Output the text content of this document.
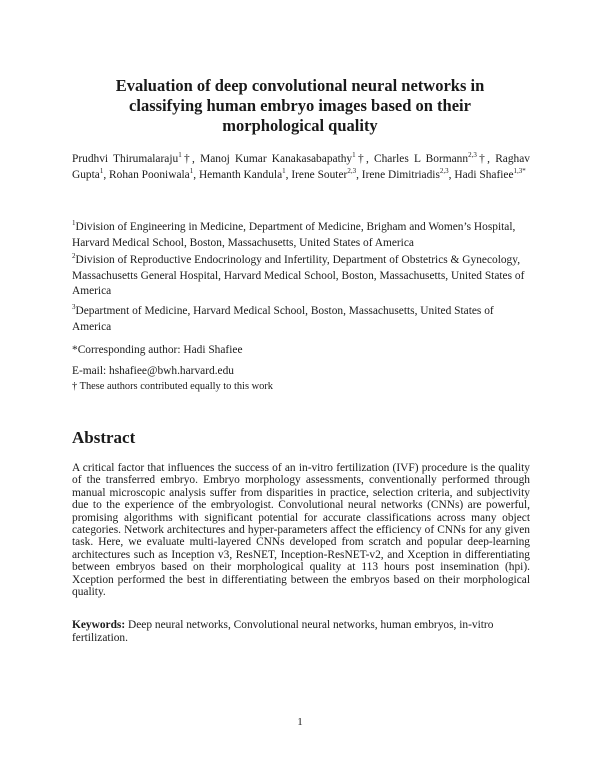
Evaluation of deep convolutional neural networks in
classifying human embryo images based on their
morphological quality
Prudhvi Thirumalaraju$^1$†, Manoj Kumar Kanakasabapathy$^1$†, Charles L Bormann$^{2,3}$†, Raghav Gupta$^1$, Rohan Pooniwala$^1$, Hemanth Kandula$^1$, Irene Souter$^{2,3}$, Irene Dimitriadis$^{2,3}$, Hadi Shafiee$^{1,3*}$
$^1$Division of Engineering in Medicine, Department of Medicine, Brigham and Women’s Hospital, Harvard Medical School, Boston, Massachusetts, United States of America
$^2$Division of Reproductive Endocrinology and Infertility, Department of Obstetrics & Gynecology, Massachusetts General Hospital, Harvard Medical School, Boston, Massachusetts, United States of America
$^3$Department of Medicine, Harvard Medical School, Boston, Massachusetts, United States of America
*Corresponding author: Hadi Shafiee
E-mail: hshafiee@bwh.harvard.edu
† These authors contributed equally to this work
Abstract
A critical factor that influences the success of an in-vitro fertilization (IVF) procedure is the quality of the transferred embryo. Embryo morphology assessments, conventionally performed through manual microscopic analysis suffer from disparities in practice, selection criteria, and subjectivity due to the experience of the embryologist. Convolutional neural networks (CNNs) are powerful, promising algorithms with significant potential for accurate classifications across many object categories. Network architectures and hyper-parameters affect the efficiency of CNNs for any given task. Here, we evaluate multi-layered CNNs developed from scratch and popular deep-learning architectures such as Inception v3, ResNET, Inception-ResNET-v2, and Xception in differentiating between embryos based on their morphological quality at 113 hours post insemination (hpi). Xception performed the best in differentiating between the embryos based on their morphological quality.
Keywords: Deep neural networks, Convolutional neural networks, human embryos, in-vitro fertilization.
1
